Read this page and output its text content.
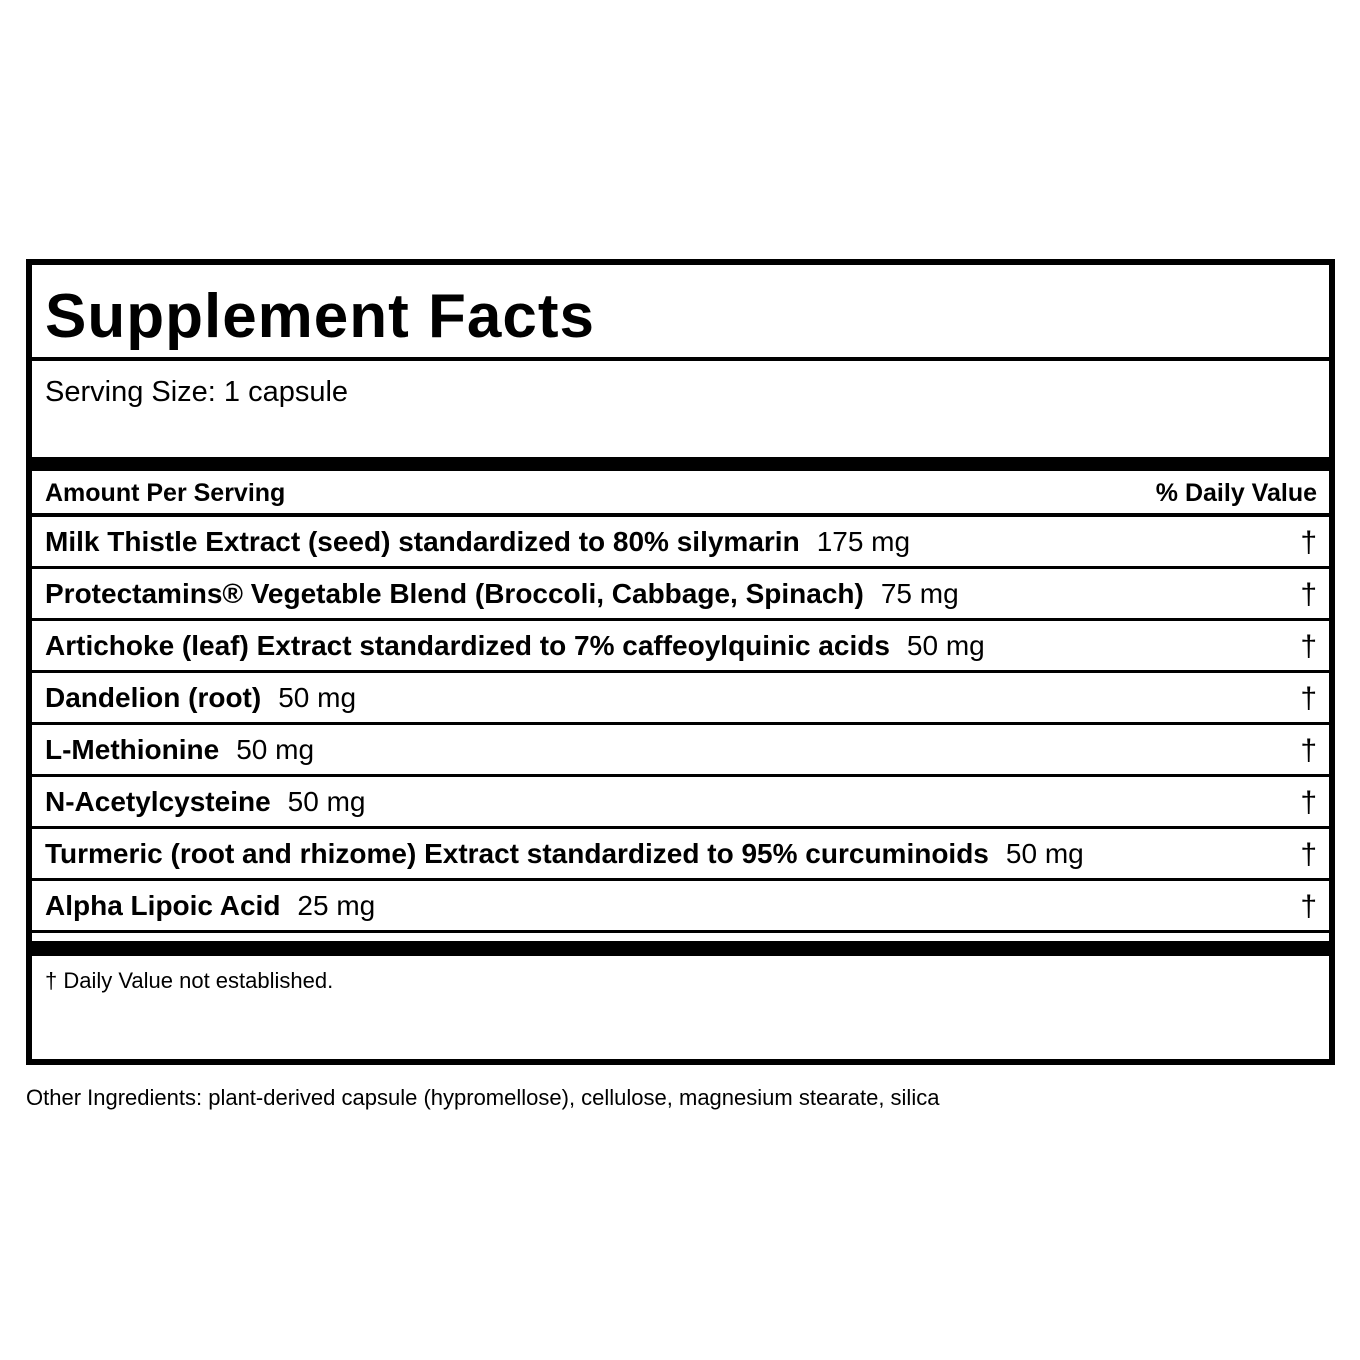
Supplement Facts
Serving Size: 1 capsule
Amount Per Serving	% Daily Value
Milk Thistle Extract (seed) standardized to 80% silymarin 175 mg	†
Protectamins® Vegetable Blend (Broccoli, Cabbage, Spinach) 75 mg	†
Artichoke (leaf) Extract standardized to 7% caffeoylquinic acids 50 mg	†
Dandelion (root) 50 mg	†
L-Methionine 50 mg	†
N-Acetylcysteine 50 mg	†
Turmeric (root and rhizome) Extract standardized to 95% curcuminoids 50 mg	†
Alpha Lipoic Acid 25 mg	†
† Daily Value not established.
Other Ingredients: plant-derived capsule (hypromellose), cellulose, magnesium stearate, silica
